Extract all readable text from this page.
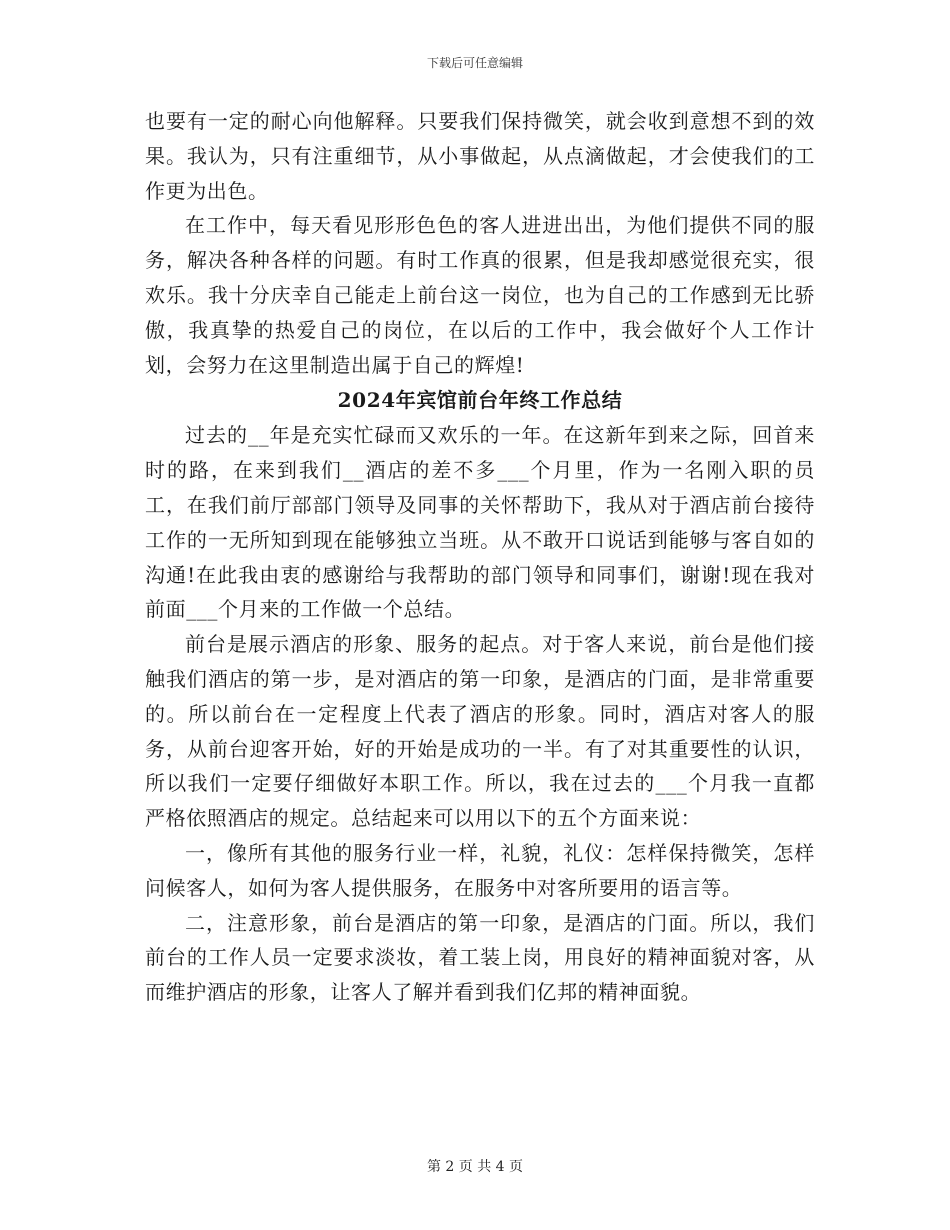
下载后可任意编辑

也要有一定的耐心向他解释。只要我们保持微笑，就会收到意想不到的效果。我认为，只有注重细节，从小事做起，从点滴做起，才会使我们的工作更为出色。

在工作中，每天看见形形色色的客人进进出出，为他们提供不同的服务，解决各种各样的问题。有时工作真的很累，但是我却感觉很充实，很欢乐。我十分庆幸自己能走上前台这一岗位，也为自己的工作感到无比骄傲，我真挚的热爱自己的岗位，在以后的工作中，我会做好个人工作计划，会努力在这里制造出属于自己的辉煌!

2024年宾馆前台年终工作总结

过去的__年是充实忙碌而又欢乐的一年。在这新年到来之际，回首来时的路，在来到我们__酒店的差不多___个月里，作为一名刚入职的员工，在我们前厅部部门领导及同事的关怀帮助下，我从对于酒店前台接待工作的一无所知到现在能够独立当班。从不敢开口说话到能够与客自如的沟通!在此我由衷的感谢给与我帮助的部门领导和同事们，谢谢!现在我对前面___个月来的工作做一个总结。

前台是展示酒店的形象、服务的起点。对于客人来说，前台是他们接触我们酒店的第一步，是对酒店的第一印象，是酒店的门面，是非常重要的。所以前台在一定程度上代表了酒店的形象。同时，酒店对客人的服务，从前台迎客开始，好的开始是成功的一半。有了对其重要性的认识，所以我们一定要仔细做好本职工作。所以，我在过去的___个月我一直都严格依照酒店的规定。总结起来可以用以下的五个方面来说：

一，像所有其他的服务行业一样，礼貌，礼仪：怎样保持微笑，怎样问候客人，如何为客人提供服务，在服务中对客所要用的语言等。

二，注意形象，前台是酒店的第一印象，是酒店的门面。所以，我们前台的工作人员一定要求淡妆，着工装上岗，用良好的精神面貌对客，从而维护酒店的形象，让客人了解并看到我们亿邦的精神面貌。

第 2 页 共 4 页
